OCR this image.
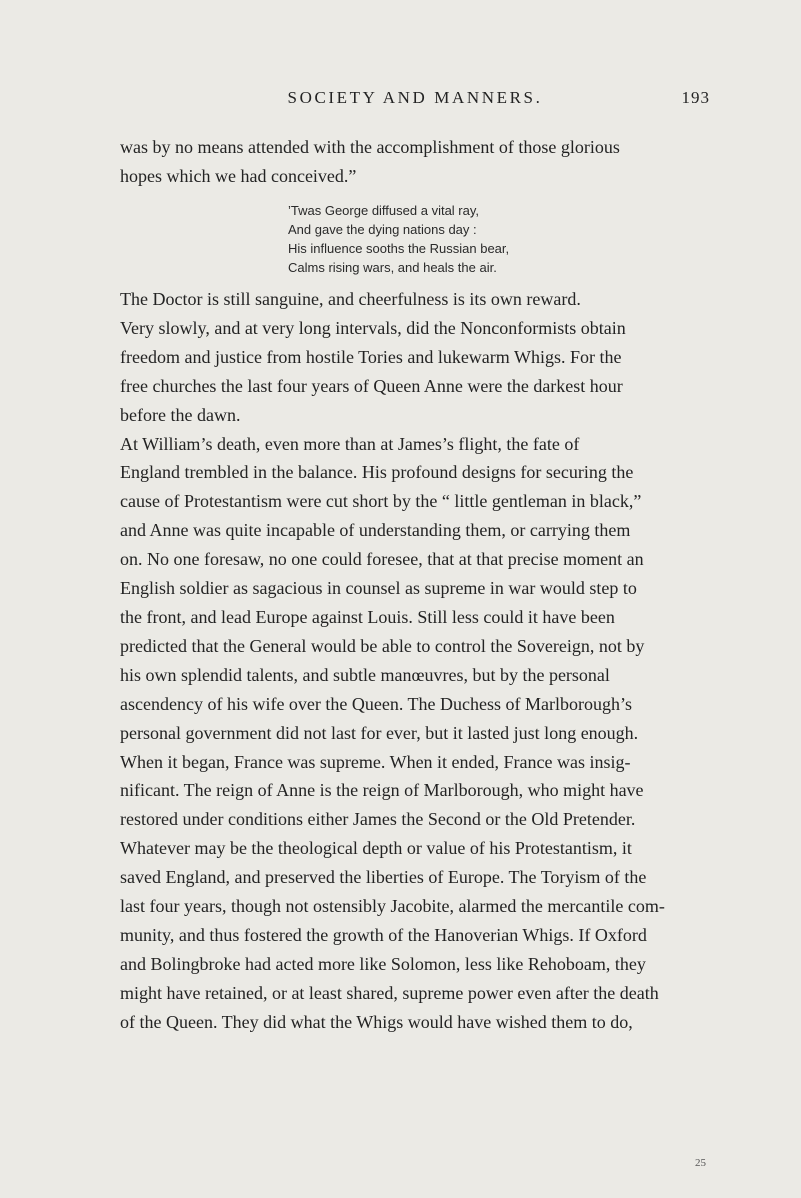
SOCIETY AND MANNERS.	193

was by no means attended with the accomplishment of those glorious
hopes which we had conceived.”

’Twas George diffused a vital ray,
And gave the dying nations day :
His influence sooths the Russian bear,
Calms rising wars, and heals the air.

The Doctor is still sanguine, and cheerfulness is its own reward.
Very slowly, and at very long intervals, did the Nonconformists obtain
freedom and justice from hostile Tories and lukewarm Whigs. For the
free churches the last four years of Queen Anne were the darkest hour
before the dawn.

At William’s death, even more than at James’s flight, the fate of
England trembled in the balance. His profound designs for securing the
cause of Protestantism were cut short by the “ little gentleman in black,”
and Anne was quite incapable of understanding them, or carrying them
on. No one foresaw, no one could foresee, that at that precise moment an
English soldier as sagacious in counsel as supreme in war would step to
the front, and lead Europe against Louis. Still less could it have been
predicted that the General would be able to control the Sovereign, not by
his own splendid talents, and subtle manœuvres, but by the personal
ascendency of his wife over the Queen. The Duchess of Marlborough’s
personal government did not last for ever, but it lasted just long enough.
When it began, France was supreme. When it ended, France was insig-
nificant. The reign of Anne is the reign of Marlborough, who might have
restored under conditions either James the Second or the Old Pretender.
Whatever may be the theological depth or value of his Protestantism, it
saved England, and preserved the liberties of Europe. The Toryism of the
last four years, though not ostensibly Jacobite, alarmed the mercantile com-
munity, and thus fostered the growth of the Hanoverian Whigs. If Oxford
and Bolingbroke had acted more like Solomon, less like Rehoboam, they
might have retained, or at least shared, supreme power even after the death
of the Queen. They did what the Whigs would have wished them to do,

25
